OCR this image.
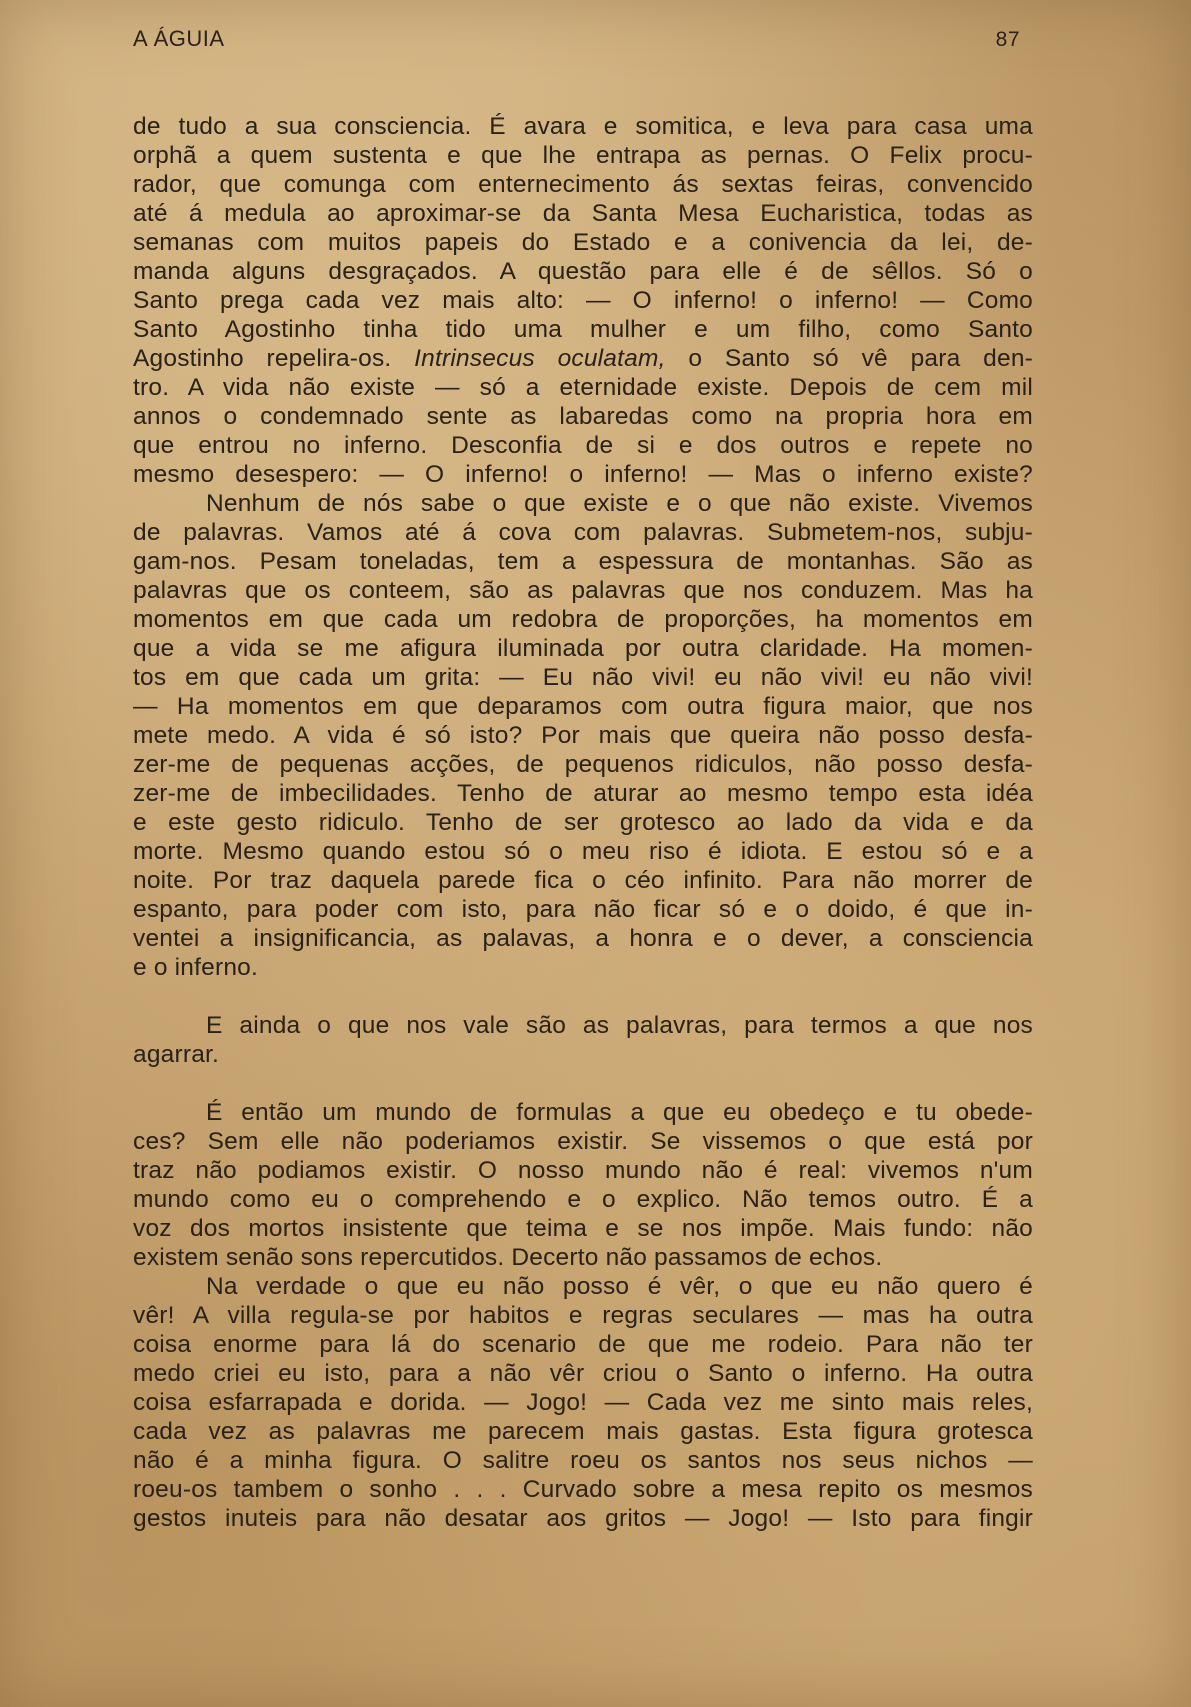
A ÁGUIA	87
de tudo a sua consciencia. É avara e somitica, e leva para casa uma
orphã a quem sustenta e que lhe entrapa as pernas. O Felix procu-
rador, que comunga com enternecimento ás sextas feiras, convencido
até á medula ao aproximar-se da Santa Mesa Eucharistica, todas as
semanas com muitos papeis do Estado e a conivencia da lei, de-
manda alguns desgraçados. A questão para elle é de sêllos. Só o
Santo prega cada vez mais alto: — O inferno! o inferno! — Como
Santo Agostinho tinha tido uma mulher e um filho, como Santo
Agostinho repelira-os. Intrinsecus oculatam, o Santo só vê para den-
tro. A vida não existe — só a eternidade existe. Depois de cem mil
annos o condemnado sente as labaredas como na propria hora em
que entrou no inferno. Desconfia de si e dos outros e repete no
mesmo desespero: — O inferno! o inferno! — Mas o inferno existe?
Nenhum de nós sabe o que existe e o que não existe. Vivemos
de palavras. Vamos até á cova com palavras. Submetem-nos, subju-
gam-nos. Pesam toneladas, tem a espessura de montanhas. São as
palavras que os conteem, são as palavras que nos conduzem. Mas ha
momentos em que cada um redobra de proporções, ha momentos em
que a vida se me afigura iluminada por outra claridade. Ha momen-
tos em que cada um grita: — Eu não vivi! eu não vivi! eu não vivi!
— Ha momentos em que deparamos com outra figura maior, que nos
mete medo. A vida é só isto? Por mais que queira não posso desfa-
zer-me de pequenas acções, de pequenos ridiculos, não posso desfa-
zer-me de imbecilidades. Tenho de aturar ao mesmo tempo esta idéa
e este gesto ridiculo. Tenho de ser grotesco ao lado da vida e da
morte. Mesmo quando estou só o meu riso é idiota. E estou só e a
noite. Por traz daquela parede fica o céo infinito. Para não morrer de
espanto, para poder com isto, para não ficar só e o doido, é que in-
ventei a insignificancia, as palavas, a honra e o dever, a consciencia
e o inferno.
E ainda o que nos vale são as palavras, para termos a que nos
agarrar.
É então um mundo de formulas a que eu obedeço e tu obede-
ces? Sem elle não poderiamos existir. Se vissemos o que está por
traz não podiamos existir. O nosso mundo não é real: vivemos n'um
mundo como eu o comprehendo e o explico. Não temos outro. É a
voz dos mortos insistente que teima e se nos impõe. Mais fundo: não
existem senão sons repercutidos. Decerto não passamos de echos.
Na verdade o que eu não posso é vêr, o que eu não quero é
vêr! A villa regula-se por habitos e regras seculares — mas ha outra
coisa enorme para lá do scenario de que me rodeio. Para não ter
medo criei eu isto, para a não vêr criou o Santo o inferno. Ha outra
coisa esfarrapada e dorida. — Jogo! — Cada vez me sinto mais reles,
cada vez as palavras me parecem mais gastas. Esta figura grotesca
não é a minha figura. O salitre roeu os santos nos seus nichos —
roeu-os tambem o sonho . . . Curvado sobre a mesa repito os mesmos
gestos inuteis para não desatar aos gritos — Jogo! — Isto para fingir
